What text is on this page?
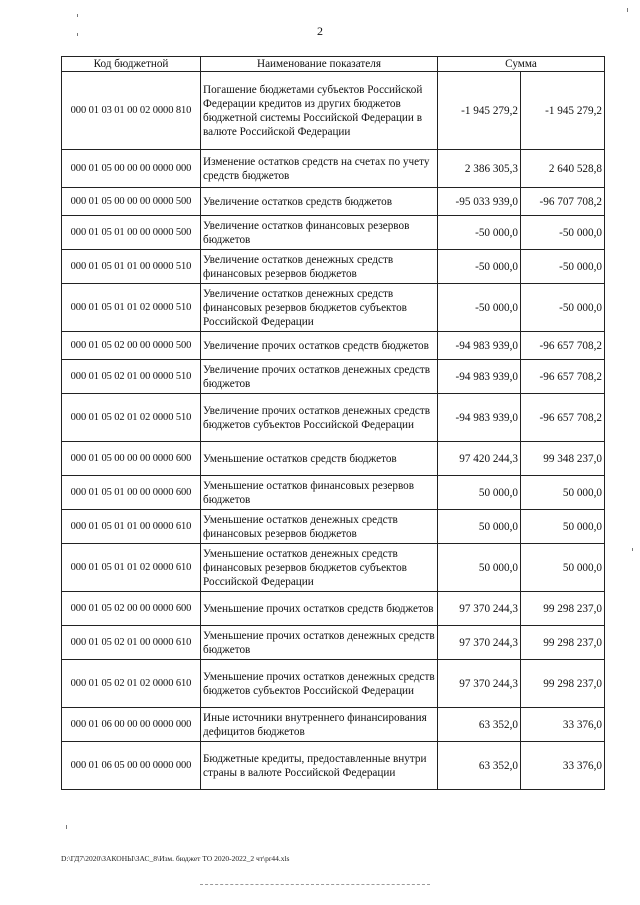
2
Код бюджетной	Наименование показателя	Сумма	
000 01 03 01 00 02 0000 810	Погашение бюджетами субъектов Российской Федерации кредитов из других бюджетов бюджетной системы Российской Федерации в валюте Российской Федерации	-1 945 279,2	-1 945 279,2
000 01 05 00 00 00 0000 000	Изменение остатков средств на счетах по учету средств бюджетов	2 386 305,3	2 640 528,8
000 01 05 00 00 00 0000 500	Увеличение остатков средств бюджетов	-95 033 939,0	-96 707 708,2
000 01 05 01 00 00 0000 500	Увеличение остатков финансовых резервов бюджетов	-50 000,0	-50 000,0
000 01 05 01 01 00 0000 510	Увеличение остатков денежных средств финансовых резервов бюджетов	-50 000,0	-50 000,0
000 01 05 01 01 02 0000 510	Увеличение остатков денежных средств финансовых резервов бюджетов субъектов Российской Федерации	-50 000,0	-50 000,0
000 01 05 02 00 00 0000 500	Увеличение прочих остатков средств бюджетов	-94 983 939,0	-96 657 708,2
000 01 05 02 01 00 0000 510	Увеличение прочих остатков денежных средств бюджетов	-94 983 939,0	-96 657 708,2
000 01 05 02 01 02 0000 510	Увеличение прочих остатков денежных средств бюджетов субъектов Российской Федерации	-94 983 939,0	-96 657 708,2
000 01 05 00 00 00 0000 600	Уменьшение остатков средств бюджетов	97 420 244,3	99 348 237,0
000 01 05 01 00 00 0000 600	Уменьшение остатков финансовых резервов бюджетов	50 000,0	50 000,0
000 01 05 01 01 00 0000 610	Уменьшение остатков денежных средств финансовых резервов бюджетов	50 000,0	50 000,0
000 01 05 01 01 02 0000 610	Уменьшение остатков денежных средств финансовых резервов бюджетов субъектов Российской Федерации	50 000,0	50 000,0
000 01 05 02 00 00 0000 600	Уменьшение прочих остатков средств бюджетов	97 370 244,3	99 298 237,0
000 01 05 02 01 00 0000 610	Уменьшение прочих остатков денежных средств бюджетов	97 370 244,3	99 298 237,0
000 01 05 02 01 02 0000 610	Уменьшение прочих остатков денежных средств бюджетов субъектов Российской Федерации	97 370 244,3	99 298 237,0
000 01 06 00 00 00 0000 000	Иные источники внутреннего финансирования дефицитов бюджетов	63 352,0	33 376,0
000 01 06 05 00 00 0000 000	Бюджетные кредиты, предоставленные внутри страны в валюте Российской Федерации	63 352,0	33 376,0
D:\ГД7\2020\ЗАКОНЫ\ЗАС_8\Изм. бюджет ТО 2020-2022_2 чт\рr44.xls
